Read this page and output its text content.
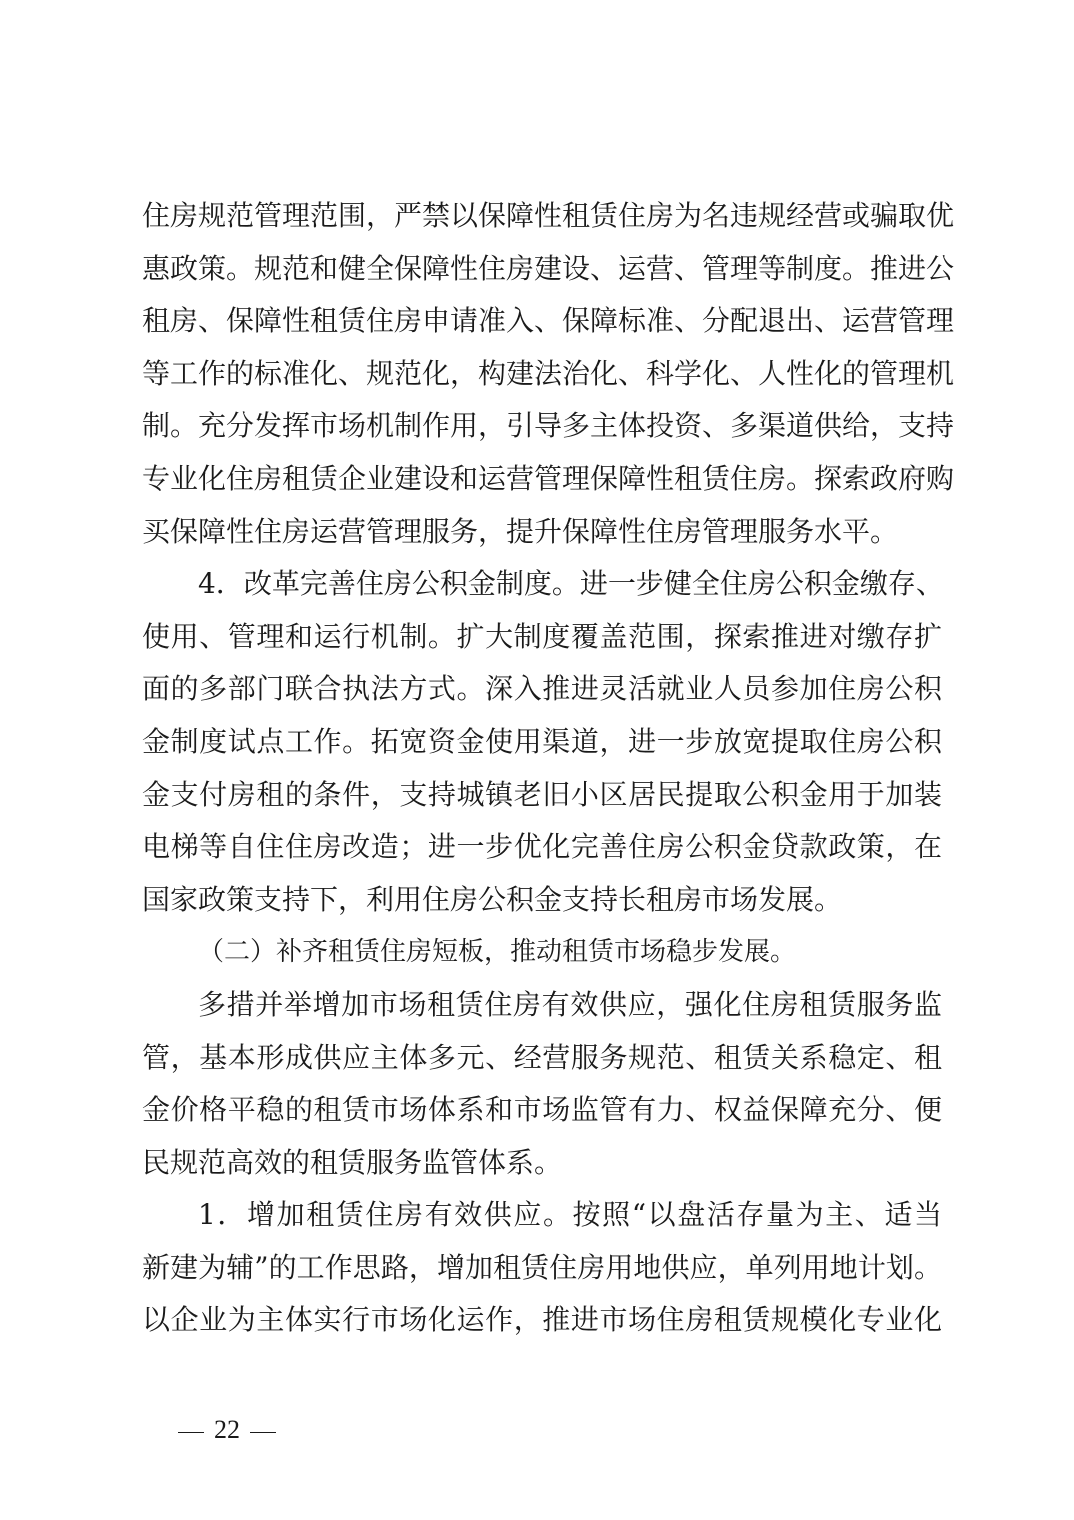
住房规范管理范围，严禁以保障性租赁住房为名违规经营或骗取优
惠政策。规范和健全保障性住房建设、运营、管理等制度。推进公
租房、保障性租赁住房申请准入、保障标准、分配退出、运营管理
等工作的标准化、规范化，构建法治化、科学化、人性化的管理机
制。充分发挥市场机制作用，引导多主体投资、多渠道供给，支持
专业化住房租赁企业建设和运营管理保障性租赁住房。探索政府购
买保障性住房运营管理服务，提升保障性住房管理服务水平。
4．改革完善住房公积金制度。进一步健全住房公积金缴存、
使用、管理和运行机制。扩大制度覆盖范围，探索推进对缴存扩
面的多部门联合执法方式。深入推进灵活就业人员参加住房公积
金制度试点工作。拓宽资金使用渠道，进一步放宽提取住房公积
金支付房租的条件，支持城镇老旧小区居民提取公积金用于加装
电梯等自住住房改造；进一步优化完善住房公积金贷款政策，在
国家政策支持下，利用住房公积金支持长租房市场发展。
（二）补齐租赁住房短板，推动租赁市场稳步发展。
多措并举增加市场租赁住房有效供应，强化住房租赁服务监
管，基本形成供应主体多元、经营服务规范、租赁关系稳定、租
金价格平稳的租赁市场体系和市场监管有力、权益保障充分、便
民规范高效的租赁服务监管体系。
1．增加租赁住房有效供应。按照“以盘活存量为主、适当
新建为辅”的工作思路，增加租赁住房用地供应，单列用地计划。
以企业为主体实行市场化运作，推进市场住房租赁规模化专业化
22
